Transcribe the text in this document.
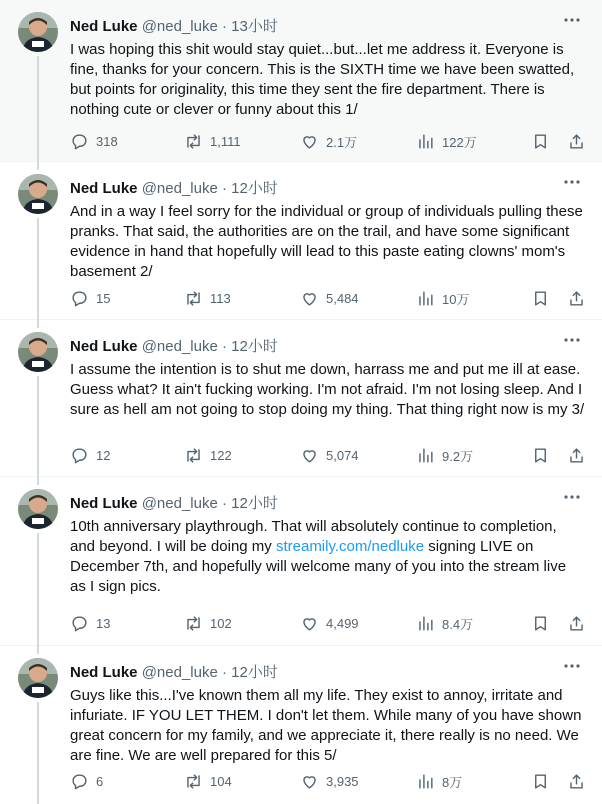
Ned Luke @ned_luke · 13小时
I was hoping this shit would stay quiet...but...let me address it. Everyone is fine, thanks for your concern. This is the SIXTH time we have been swatted, but points for originality, this time they sent the fire department. There is nothing cute or clever or funny about this 1/
318	1,111	2.1万	122万
Ned Luke @ned_luke · 12小时
And in a way I feel sorry for the individual or group of individuals pulling these pranks. That said, the authorities are on the trail, and have some significant evidence in hand that hopefully will lead to this paste eating clowns' mom's basement 2/
15	113	5,484	10万
Ned Luke @ned_luke · 12小时
I assume the intention is to shut me down, harrass me and put me ill at ease. Guess what? It ain't fucking working. I'm not afraid. I'm not losing sleep. And I sure as hell am not going to stop doing my thing. That thing right now is my 3/
12	122	5,074	9.2万
Ned Luke @ned_luke · 12小时
10th anniversary playthrough. That will absolutely continue to completion, and beyond. I will be doing my streamily.com/nedluke signing LIVE on December 7th, and hopefully will welcome many of you into the stream live as I sign pics.
13	102	4,499	8.4万
Ned Luke @ned_luke · 12小时
Guys like this...I've known them all my life. They exist to annoy, irritate and infuriate. IF YOU LET THEM. I don't let them. While many of you have shown great concern for my family, and we appreciate it, there really is no need. We are fine. We are well prepared for this 5/
6	104	3,935	8万
